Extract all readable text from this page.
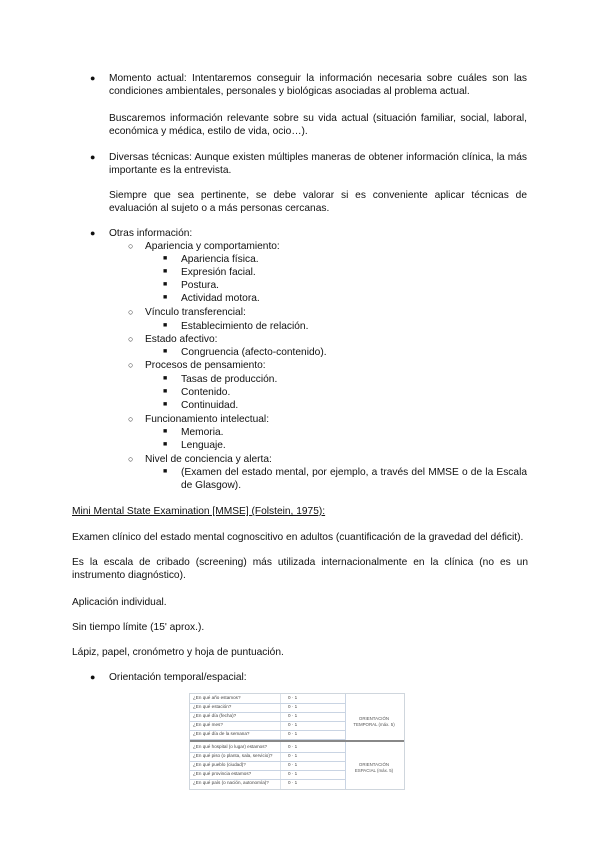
● Momento actual: Intentaremos conseguir la información necesaria sobre cuáles son las condiciones ambientales, personales y biológicas asociadas al problema actual.
Buscaremos información relevante sobre su vida actual (situación familiar, social, laboral, económica y médica, estilo de vida, ocio…).
● Diversas técnicas: Aunque existen múltiples maneras de obtener información clínica, la más importante es la entrevista.
Siempre que sea pertinente, se debe valorar si es conveniente aplicar técnicas de evaluación al sujeto o a más personas cercanas.
● Otras información:
○ Apariencia y comportamiento:
■ Apariencia física.
■ Expresión facial.
■ Postura.
■ Actividad motora.
○ Vínculo transferencial:
■ Establecimiento de relación.
○ Estado afectivo:
■ Congruencia (afecto-contenido).
○ Procesos de pensamiento:
■ Tasas de producción.
■ Contenido.
■ Continuidad.
○ Funcionamiento intelectual:
■ Memoria.
■ Lenguaje.
○ Nivel de conciencia y alerta:
■ (Examen del estado mental, por ejemplo, a través del MMSE o de la Escala de Glasgow).
Mini Mental State Examination [MMSE] (Folstein, 1975):
Examen clínico del estado mental cognoscitivo en adultos (cuantificación de la gravedad del déficit).
Es la escala de cribado (screening) más utilizada internacionalmente en la clínica (no es un instrumento diagnóstico).
Aplicación individual.
Sin tiempo límite (15' aprox.).
Lápiz, papel, cronómetro y hoja de puntuación.
● Orientación temporal/espacial:
¿En qué año estamos?	0 · 1
¿En qué estación?	0 · 1
¿En qué día (fecha)?	0 · 1
¿En qué mes?	0 · 1
¿En qué día de la semana?	0 · 1
ORIENTACIÓN TEMPORAL (máx. 5)
¿En qué hospital (o lugar) estamos?	0 · 1
¿En qué piso (o planta, sala, servicio)?	0 · 1
¿En qué pueblo (ciudad)?	0 · 1
¿En qué provincia estamos?	0 · 1
¿En qué país (o nación, autonomía)?	0 · 1
ORIENTACIÓN ESPACIAL (máx. 5)
